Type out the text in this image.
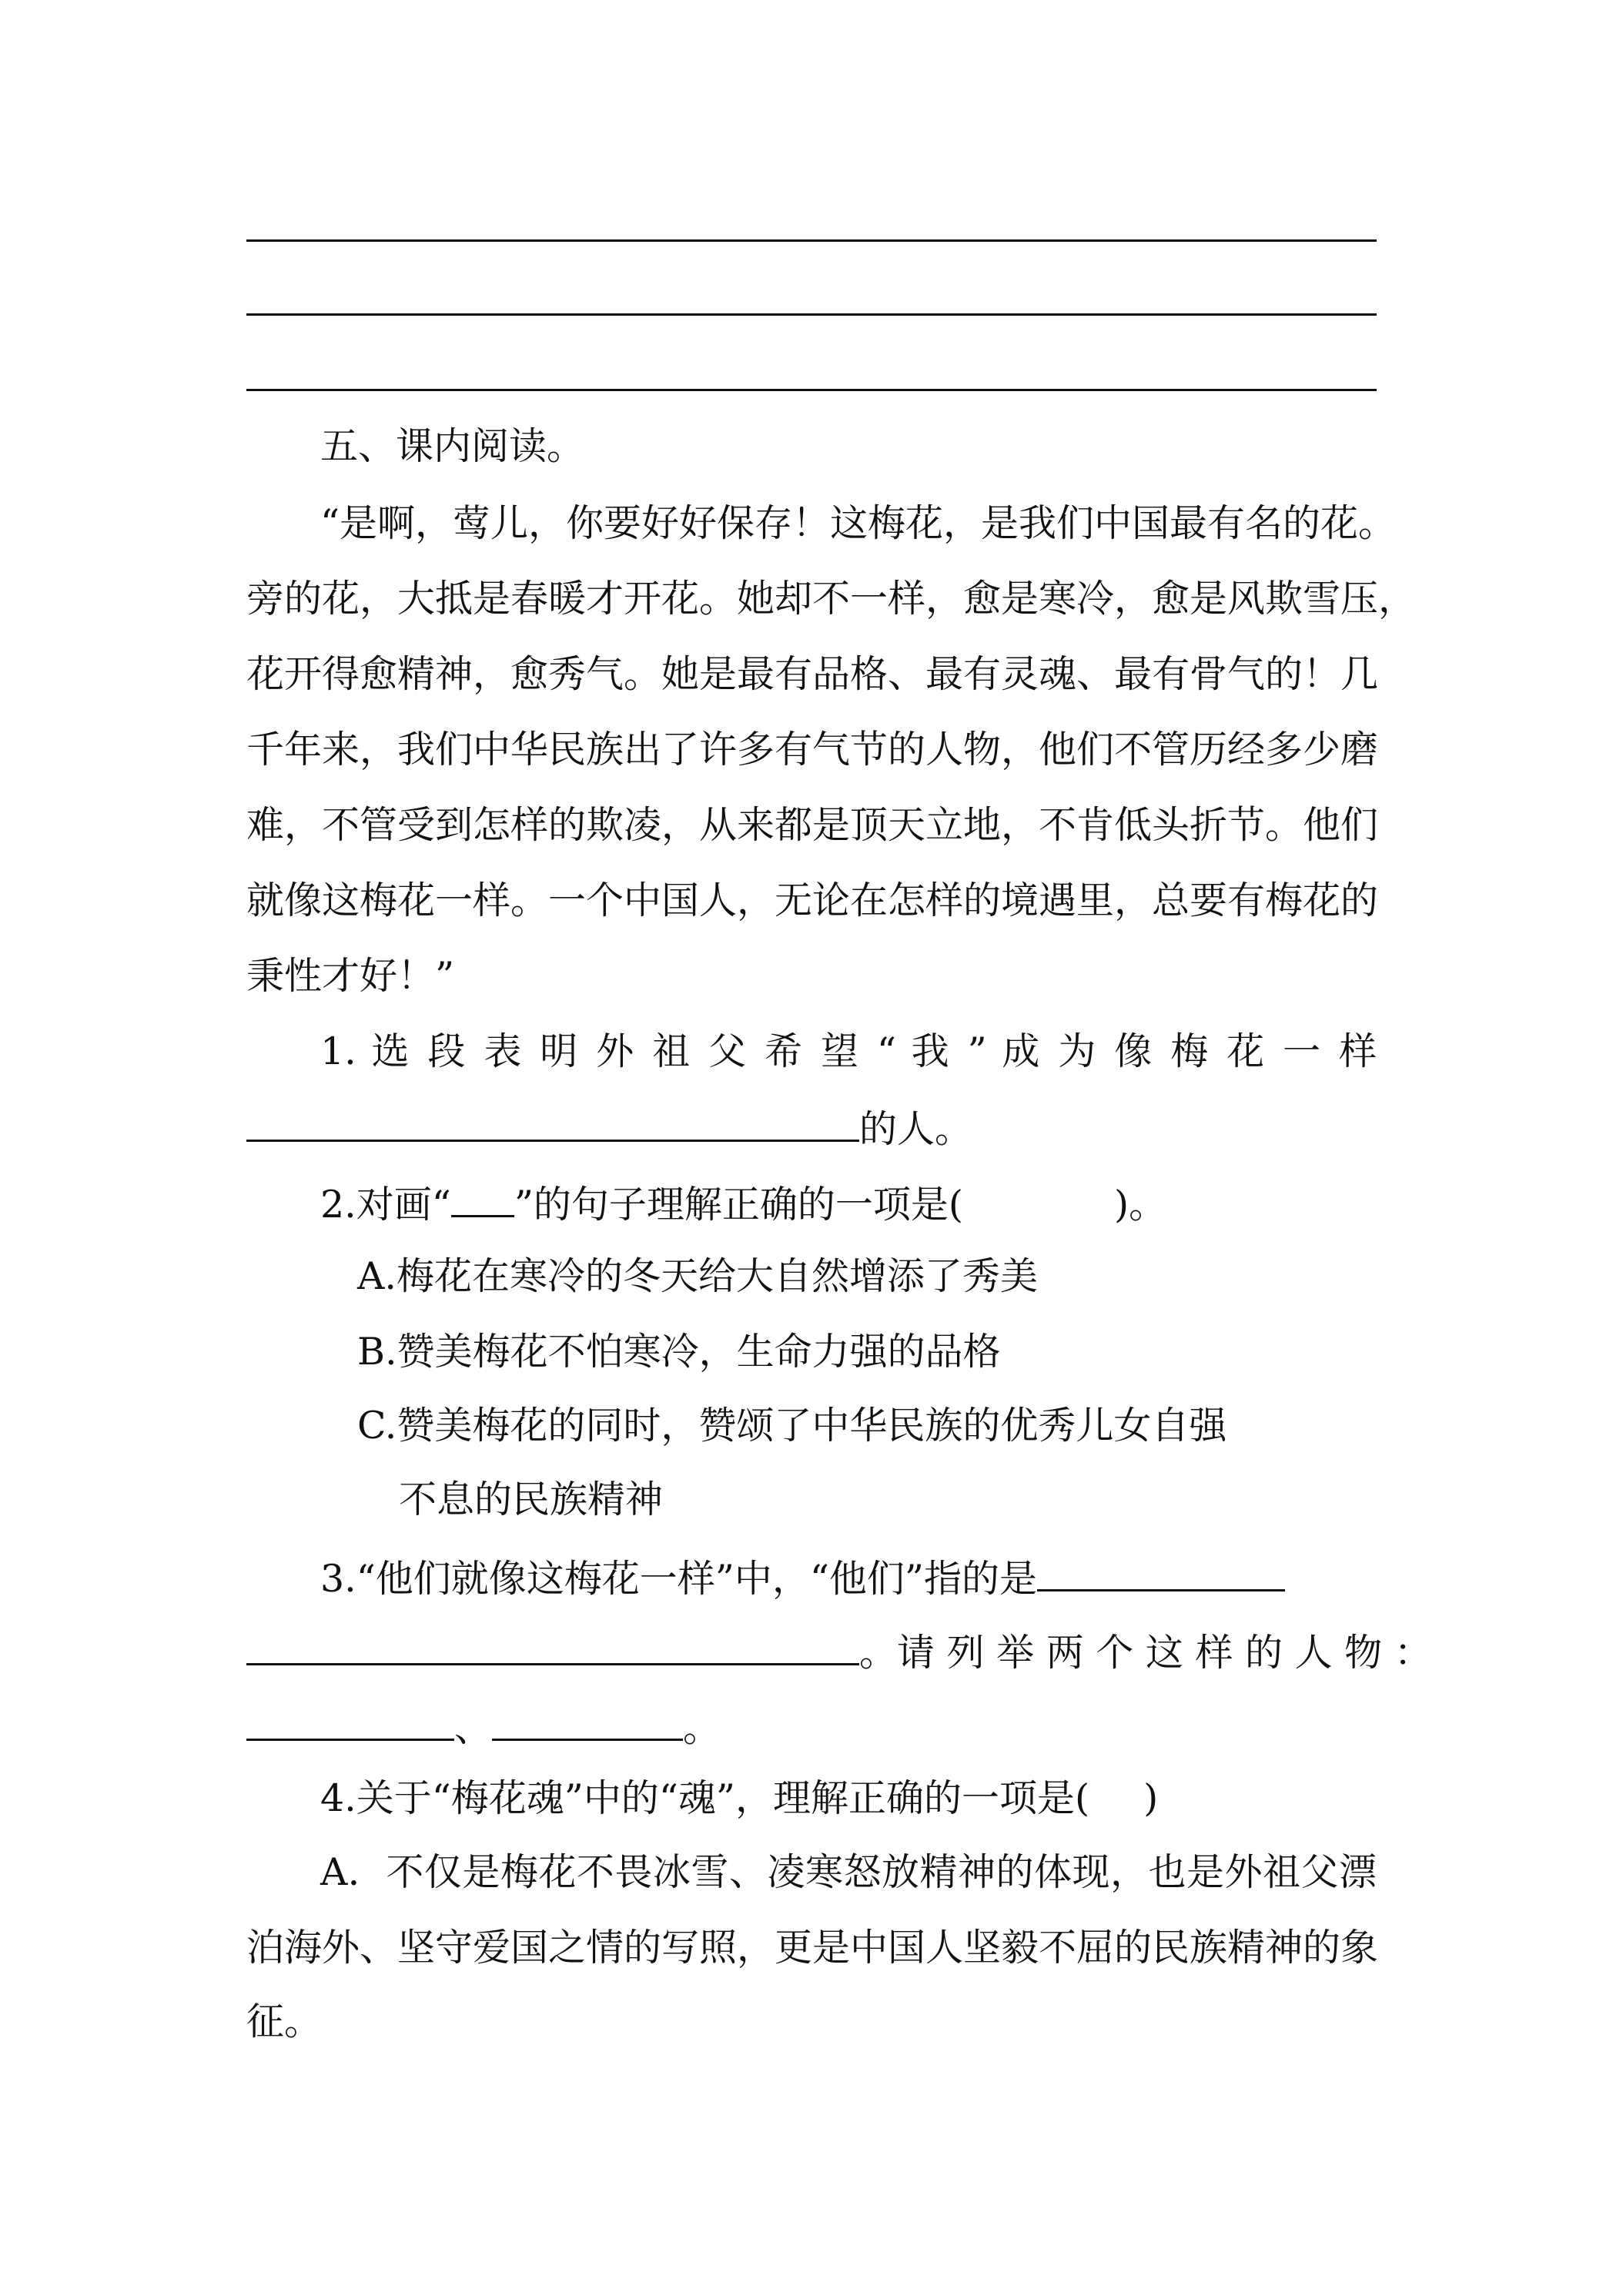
五、课内阅读。
“是啊，莺儿，你要好好保存！这梅花，是我们中国最有名的花。
旁的花，大抵是春暖才开花。她却不一样，愈是寒冷，愈是风欺雪压，
花开得愈精神，愈秀气。她是最有品格、最有灵魂、最有骨气的！几
千年来，我们中华民族出了许多有气节的人物，他们不管历经多少磨
难，不管受到怎样的欺凌，从来都是顶天立地，不肯低头折节。他们
就像这梅花一样。一个中国人，无论在怎样的境遇里，总要有梅花的
秉性才好！”
1. 选 段 表 明 外 祖 父 希 望 “ 我 ” 成 为 像 梅 花 一 样
的人。
2.对画“ ”的句子理解正确的一项是(	)。
A.梅花在寒冷的冬天给大自然增添了秀美
B.赞美梅花不怕寒冷，生命力强的品格
C.赞美梅花的同时，赞颂了中华民族的优秀儿女自强
不息的民族精神
3.“他们就像这梅花一样”中，“他们”指的是
。请 列 举 两 个 这 样 的 人 物 ：
、	。
4.关于“梅花魂”中的“魂”，理解正确的一项是( )
A．不仅是梅花不畏冰雪、凌寒怒放精神的体现，也是外祖父漂
泊海外、坚守爱国之情的写照，更是中国人坚毅不屈的民族精神的象
征。
